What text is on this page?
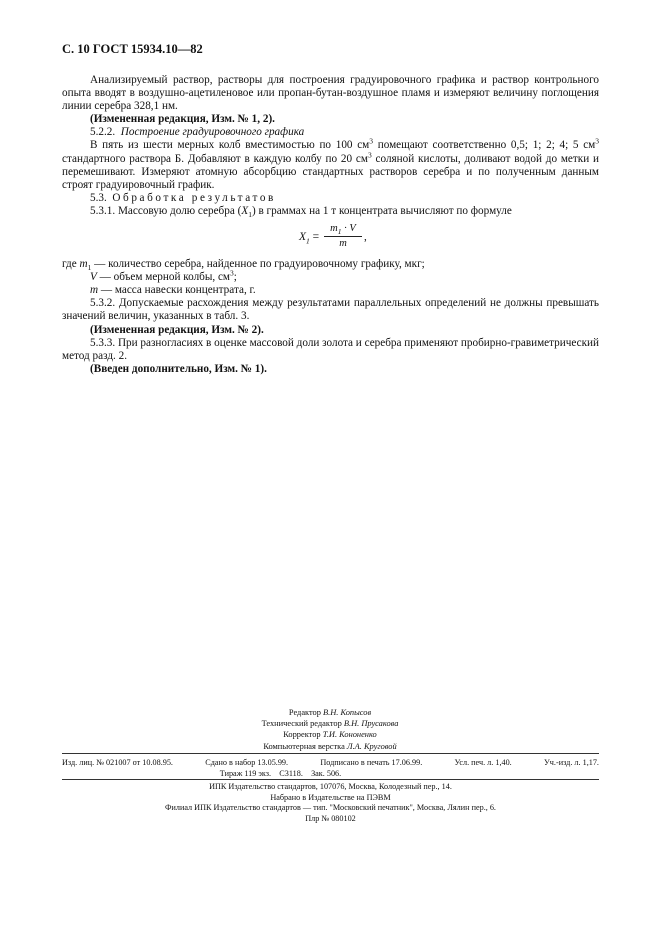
С. 10 ГОСТ 15934.10—82

Анализируемый раствор, растворы для построения градуировочного графика и раствор контрольного опыта вводят в воздушно-ацетиленовое или пропан-бутан-воздушное пламя и измеряют величину поглощения линии серебра 328,1 нм.

(Измененная редакция, Изм. № 1, 2).

5.2.2. Построение градуировочного графика

В пять из шести мерных колб вместимостью по 100 $см^3$ помещают соответственно 0,5; 1; 2; 4; 5 $см^3$ стандартного раствора Б. Добавляют в каждую колбу по 20 $см^3$ соляной кислоты, доливают водой до метки и перемешивают. Измеряют атомную абсорбцию стандартных растворов серебра и по полученным данным строят градуировочный график.

5.3. Обработка результатов

5.3.1. Массовую долю серебра $(X_1)$ в граммах на 1 т концентрата вычисляют по формуле

$X_1 = \frac{m_1 \cdot V}{m}$ ,
где $m_1$ — количество серебра, найденное по градуировочному графику, мкг;
V — объем мерной колбы, $см^3$;
m — масса навески концентрата, г.

5.3.2. Допускаемые расхождения между результатами параллельных определений не должны превышать значений величин, указанных в табл. 3.

(Измененная редакция, Изм. № 2).

5.3.3. При разногласиях в оценке массовой доли золота и серебра применяют пробирно-гравиметрический метод разд. 2.

(Введен дополнительно, Изм. № 1).

Редактор В.Н. Копысов
Технический редактор В.Н. Прусакова
Корректор Т.И. Кононенко
Компьютерная верстка Л.А. Круговой
Изд. лиц. № 021007 от 10.08.95.	Сдано в набор 13.05.99.	Подписано в печать 17.06.99.	Усл. печ. л. 1,40.	Уч.-изд. л. 1,17.
Тираж 119 экз. С3118. Зак. 506.
ИПК Издательство стандартов, 107076, Москва, Колодезный пер., 14.
Набрано в Издательстве на ПЭВМ
Филиал ИПК Издательство стандартов — тип. "Московский печатник", Москва, Лялин пер., 6.
Плр № 080102
